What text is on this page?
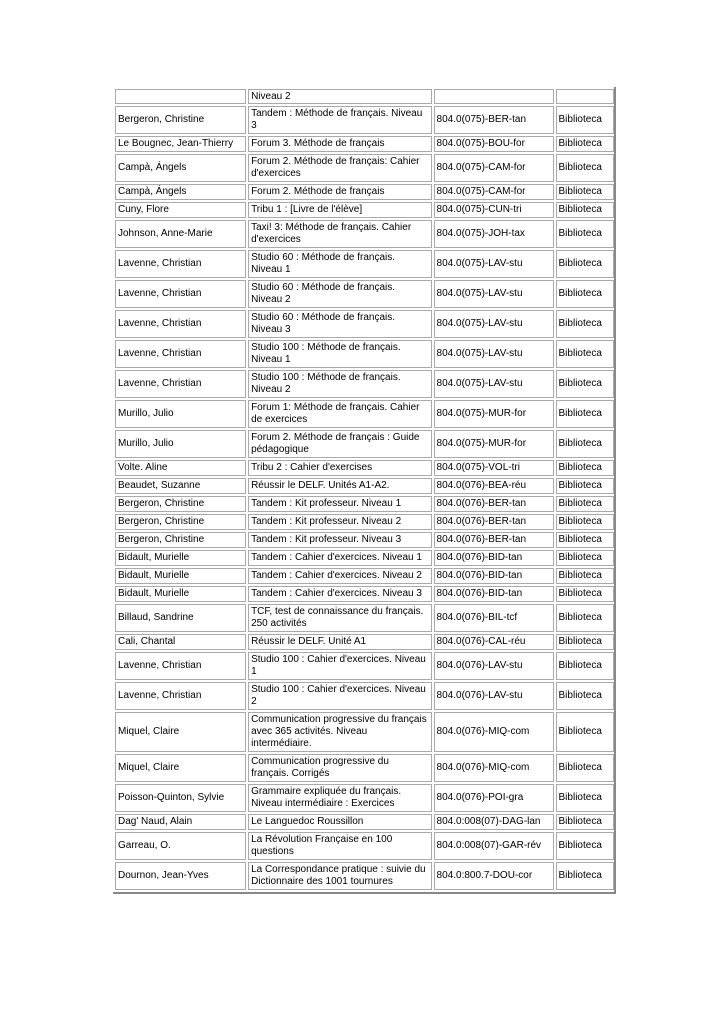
	Niveau 2		
Bergeron, Christine	Tandem : Méthode de français. Niveau 3	804.0(075)-BER-tan	Biblioteca
Le Bougnec, Jean-Thierry	Forum 3. Méthode de français	804.0(075)-BOU-for	Biblioteca
Campà, Ángels	Forum 2. Méthode de français: Cahier d'exercices	804.0(075)-CAM-for	Biblioteca
Campà, Ángels	Forum 2. Méthode de français	804.0(075)-CAM-for	Biblioteca
Cuny, Flore	Tribu 1 : [Livre de l'élève]	804.0(075)-CUN-tri	Biblioteca
Johnson, Anne-Marie	Taxi! 3: Méthode de français. Cahier d'exercices	804.0(075)-JOH-tax	Biblioteca
Lavenne, Christian	Studio 60 : Méthode de français. Niveau 1	804.0(075)-LAV-stu	Biblioteca
Lavenne, Christian	Studio 60 : Méthode de français. Niveau 2	804.0(075)-LAV-stu	Biblioteca
Lavenne, Christian	Studio 60 : Méthode de français. Niveau 3	804.0(075)-LAV-stu	Biblioteca
Lavenne, Christian	Studio 100 : Méthode de français. Niveau 1	804.0(075)-LAV-stu	Biblioteca
Lavenne, Christian	Studio 100 : Méthode de français. Niveau 2	804.0(075)-LAV-stu	Biblioteca
Murillo, Julio	Forum 1: Méthode de français. Cahier de exercices	804.0(075)-MUR-for	Biblioteca
Murillo, Julio	Forum 2. Méthode de français : Guide pédagogique	804.0(075)-MUR-for	Biblioteca
Volte. Aline	Tribu 2 : Cahier d'exercises	804.0(075)-VOL-tri	Biblioteca
Beaudet, Suzanne	Réussir le DELF. Unités A1-A2.	804.0(076)-BEA-réu	Biblioteca
Bergeron, Christine	Tandem : Kit professeur. Niveau 1	804.0(076)-BER-tan	Biblioteca
Bergeron, Christine	Tandem : Kit professeur. Niveau 2	804.0(076)-BER-tan	Biblioteca
Bergeron, Christine	Tandem : Kit professeur. Niveau 3	804.0(076)-BER-tan	Biblioteca
Bidault, Murielle	Tandem : Cahier d'exercices. Niveau 1	804.0(076)-BID-tan	Biblioteca
Bidault, Murielle	Tandem : Cahier d'exercices. Niveau 2	804.0(076)-BID-tan	Biblioteca
Bidault, Murielle	Tandem : Cahier d'exercices. Niveau 3	804.0(076)-BID-tan	Biblioteca
Billaud, Sandrine	TCF, test de connaissance du français. 250 activités	804.0(076)-BIL-tcf	Biblioteca
Cali, Chantal	Réussir le DELF. Unité A1	804.0(076)-CAL-réu	Biblioteca
Lavenne, Christian	Studio 100 : Cahier d'exercices. Niveau 1	804.0(076)-LAV-stu	Biblioteca
Lavenne, Christian	Studio 100 : Cahier d'exercices. Niveau 2	804.0(076)-LAV-stu	Biblioteca
Miquel, Claire	Communication progressive du français avec 365 activités. Niveau intermédiaire.	804.0(076)-MIQ-com	Biblioteca
Miquel, Claire	Communication progressive du français. Corrigés	804.0(076)-MIQ-com	Biblioteca
Poisson-Quinton, Sylvie	Grammaire expliquée du français. Niveau intermédiaire : Exercices	804.0(076)-POI-gra	Biblioteca
Dag' Naud, Alain	Le Languedoc Roussillon	804.0:008(07)-DAG-lan	Biblioteca
Garreau, O.	La Révolution Française en 100 questions	804.0:008(07)-GAR-rév	Biblioteca
Dournon, Jean-Yves	La Correspondance pratique : suivie du Dictionnaire des 1001 tournures	804.0:800.7-DOU-cor	Biblioteca
